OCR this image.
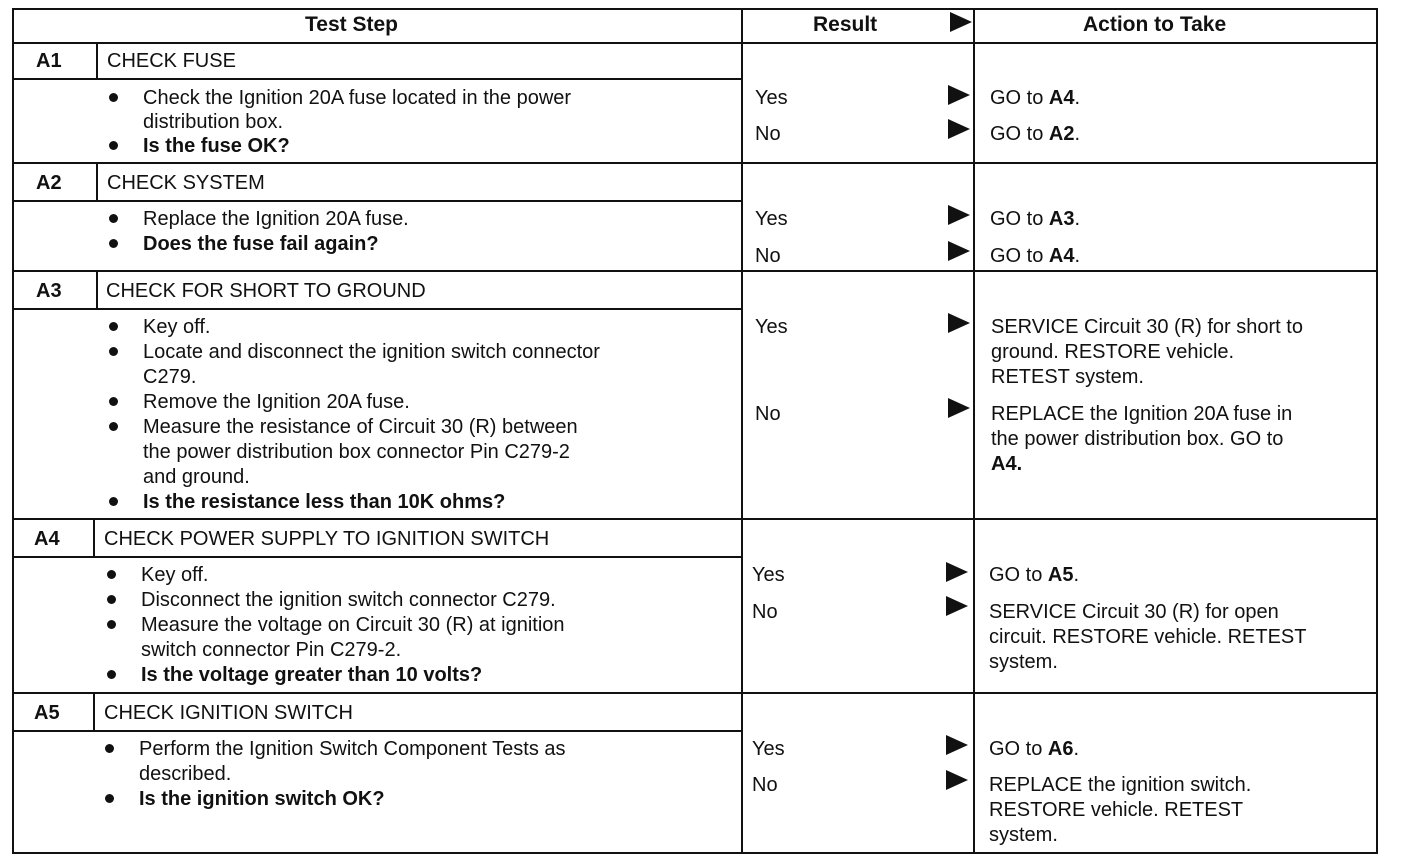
Test Step	Result	Action to Take
A1 CHECK FUSE
Check the Ignition 20A fuse located in the power
distribution box.
Is the fuse OK?
Yes
No
GO to A4.
GO to A2.
A2 CHECK SYSTEM
Replace the Ignition 20A fuse.
Does the fuse fail again?
Yes
No
GO to A3.
GO to A4.
A3 CHECK FOR SHORT TO GROUND
Key off.
Locate and disconnect the ignition switch connector
C279.
Remove the Ignition 20A fuse.
Measure the resistance of Circuit 30 (R) between
the power distribution box connector Pin C279-2
and ground.
Is the resistance less than 10K ohms?
Yes
No
SERVICE Circuit 30 (R) for short to
ground. RESTORE vehicle.
RETEST system.
REPLACE the Ignition 20A fuse in
the power distribution box. GO to
A4.
A4 CHECK POWER SUPPLY TO IGNITION SWITCH
Key off.
Disconnect the ignition switch connector C279.
Measure the voltage on Circuit 30 (R) at ignition
switch connector Pin C279-2.
Is the voltage greater than 10 volts?
Yes
No
GO to A5.
SERVICE Circuit 30 (R) for open
circuit. RESTORE vehicle. RETEST
system.
A5 CHECK IGNITION SWITCH
Perform the Ignition Switch Component Tests as
described.
Is the ignition switch OK?
Yes
No
GO to A6.
REPLACE the ignition switch.
RESTORE vehicle. RETEST
system.
